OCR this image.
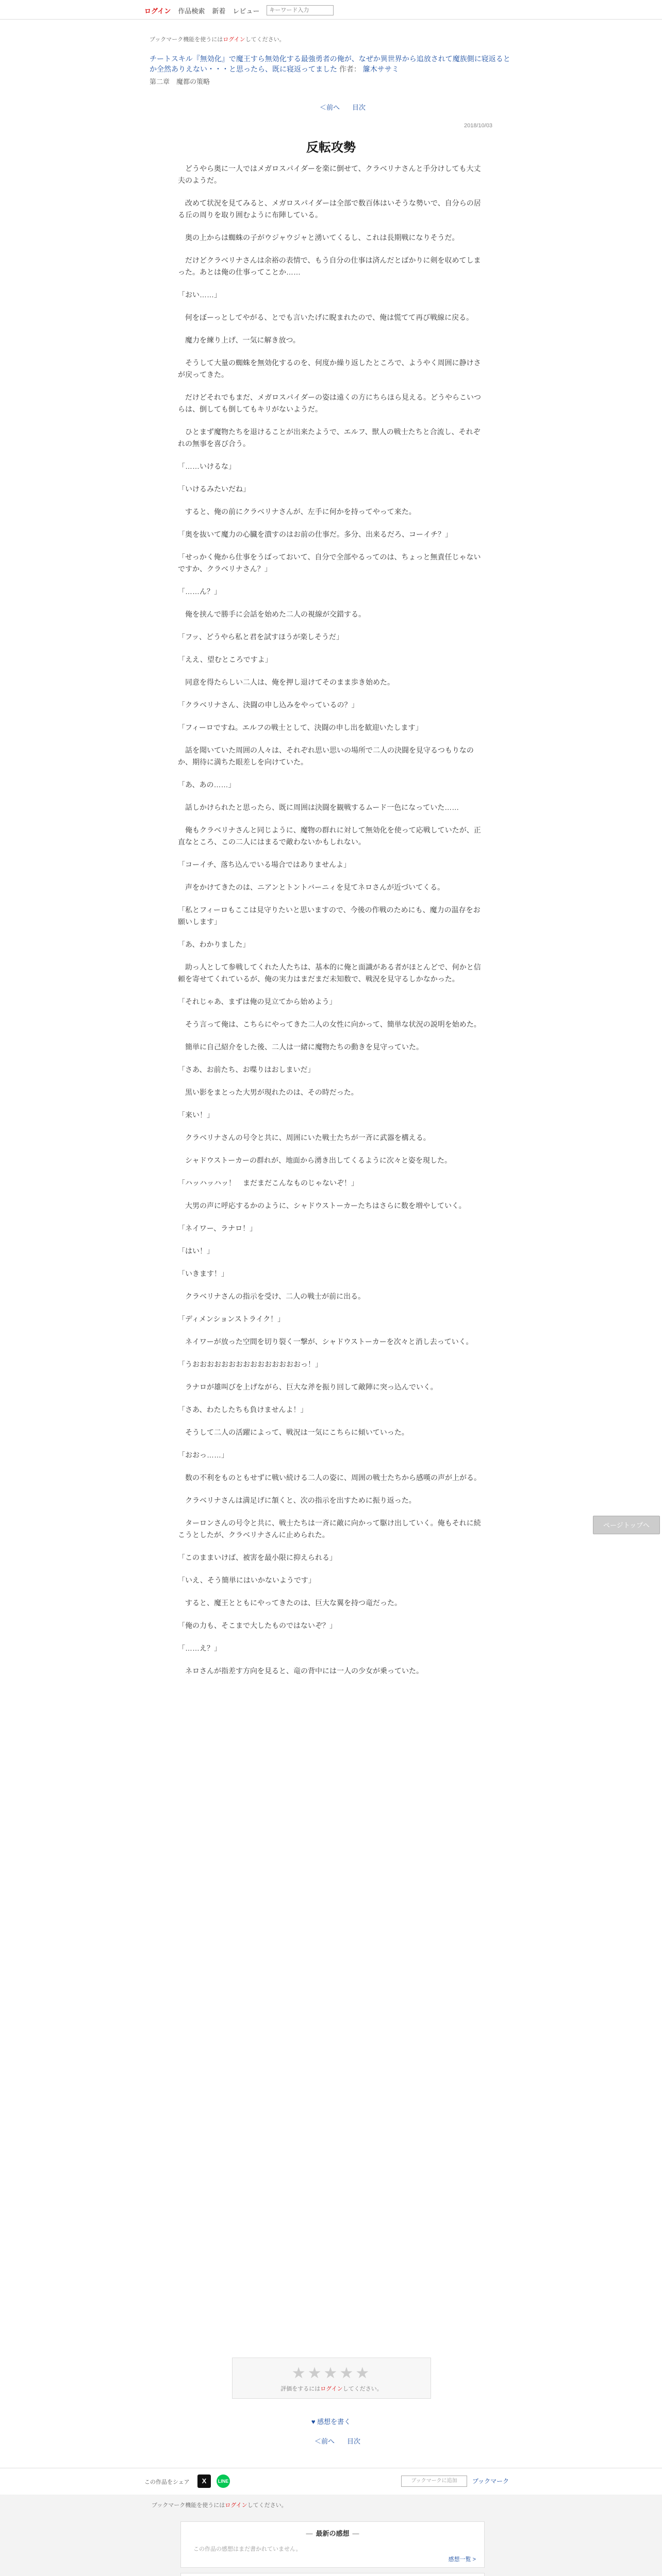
ログイン 作品検索 新着 レビュー
キーワード入力
ブックマーク機能を使うにはログインしてください。
チートスキル『無効化』で魔王すら無効化する最強勇者の俺が、なぜか異世界から追放されて魔族側に寝返るとか全然ありえない・・・と思ったら、既に寝返ってました 作者： 簾木ササミ
第二章　魔都の策略
＜前へ 目次
2018/10/03
反転攻勢

　どうやら奥に一人ではメガロスパイダーを楽に倒せて、クラベリナさんと手分けしても大丈夫のようだ。

　改めて状況を見てみると、メガロスパイダーは全部で数百体はいそうな勢いで、自分らの居る丘の周りを取り囲むように布陣している。

　奥の上からは蜘蛛の子がウジャウジャと湧いてくるし、これは長期戦になりそうだ。

　だけどクラベリナさんは余裕の表情で、もう自分の仕事は済んだとばかりに剣を収めてしまった。あとは俺の仕事ってことか……

「おい……」

　何をぼーっとしてやがる、とでも言いたげに睨まれたので、俺は慌てて再び戦線に戻る。

　魔力を練り上げ、一気に解き放つ。

　そうして大量の蜘蛛を無効化するのを、何度か繰り返したところで、ようやく周囲に静けさが戻ってきた。

　だけどそれでもまだ、メガロスパイダーの姿は遠くの方にちらほら見える。どうやらこいつらは、倒しても倒してもキリがないようだ。

　ひとまず魔物たちを退けることが出来たようで、エルフ、獣人の戦士たちと合流し、それぞれの無事を喜び合う。

「……いけるな」

「いけるみたいだね」

　すると、俺の前にクラベリナさんが、左手に何かを持ってやって来た。

「奥を抜いて魔力の心臓を潰すのはお前の仕事だ。多分、出来るだろ、コーイチ？」

「せっかく俺から仕事をうばっておいて、自分で全部やるってのは、ちょっと無責任じゃないですか、クラベリナさん？」

「……ん？」

　俺を挟んで勝手に会話を始めた二人の視線が交錯する。

「フッ、どうやら私と君を試すほうが楽しそうだ」

「ええ、望むところですよ」

　同意を得たらしい二人は、俺を押し退けてそのまま歩き始めた。

「クラベリナさん、決闘の申し込みをやっているの？」

「フィーロですね。エルフの戦士として、決闘の申し出を歓迎いたします」

　話を聞いていた周囲の人々は、それぞれ思い思いの場所で二人の決闘を見守るつもりなのか、期待に満ちた眼差しを向けていた。

「あ、あの……」

　話しかけられたと思ったら、既に周囲は決闘を観戦するムード一色になっていた……

　俺もクラベリナさんと同じように、魔物の群れに対して無効化を使って応戦していたが、正直なところ、この二人にはまるで敵わないかもしれない。

「コーイチ、落ち込んでいる場合ではありませんよ」

　声をかけてきたのは、ニアンとトントバーニィを見てネロさんが近づいてくる。

「私とフィーロもここは見守りたいと思いますので、今後の作戦のためにも、魔力の温存をお願いします」

「あ、わかりました」

　助っ人として参戦してくれた人たちは、基本的に俺と面識がある者がほとんどで、何かと信頼を寄せてくれているが、俺の実力はまだまだ未知数で、戦況を見守るしかなかった。

「それじゃあ、まずは俺の見立てから始めよう」

　そう言って俺は、こちらにやってきた二人の女性に向かって、簡単な状況の説明を始めた。

　簡単に自己紹介をした後、二人は一緒に魔物たちの動きを見守っていた。

「さあ、お前たち、お喋りはおしまいだ」

　黒い影をまとった大男が現れたのは、その時だった。

「来い！」

　クラベリナさんの号令と共に、周囲にいた戦士たちが一斉に武器を構える。

　シャドウストーカーの群れが、地面から湧き出してくるように次々と姿を現した。

「ハッハッハッ！　まだまだこんなものじゃないぞ！」

　大男の声に呼応するかのように、シャドウストーカーたちはさらに数を増やしていく。

「ネイワー、ラナロ！」

「はい！」

「いきます！」

　クラベリナさんの指示を受け、二人の戦士が前に出る。

「ディメンションストライク！」

　ネイワーが放った空間を切り裂く一撃が、シャドウストーカーを次々と消し去っていく。

「うおおおおおおおおおおおおおおおっ！」

　ラナロが雄叫びを上げながら、巨大な斧を振り回して敵陣に突っ込んでいく。

「さあ、わたしたちも負けませんよ！」

　そうして二人の活躍によって、戦況は一気にこちらに傾いていった。

「おおっ……」

　数の不利をものともせずに戦い続ける二人の姿に、周囲の戦士たちから感嘆の声が上がる。

　クラベリナさんは満足げに頷くと、次の指示を出すために振り返った。

　ターロンさんの号令と共に、戦士たちは一斉に敵に向かって駆け出していく。俺もそれに続こうとしたが、クラベリナさんに止められた。

「このままいけば、被害を最小限に抑えられる」

「いえ、そう簡単にはいかないようです」

　すると、魔王とともにやってきたのは、巨大な翼を持つ竜だった。

「俺の力も、そこまで大したものではないぞ？」

「……え？」

　ネロさんが指差す方向を見ると、竜の背中には一人の少女が乗っていた。

ページトップへ
★★★★★
評価をするにはログインしてください。
♥ 感想を書く
＜前へ 目次
この作品をシェア	X	LINE	ブックマークに追加	ブックマーク
ブックマーク機能を使うにはログインしてください。
― 最新の感想 ―
この作品の感想はまだ書かれていません。
感想一覧 >
